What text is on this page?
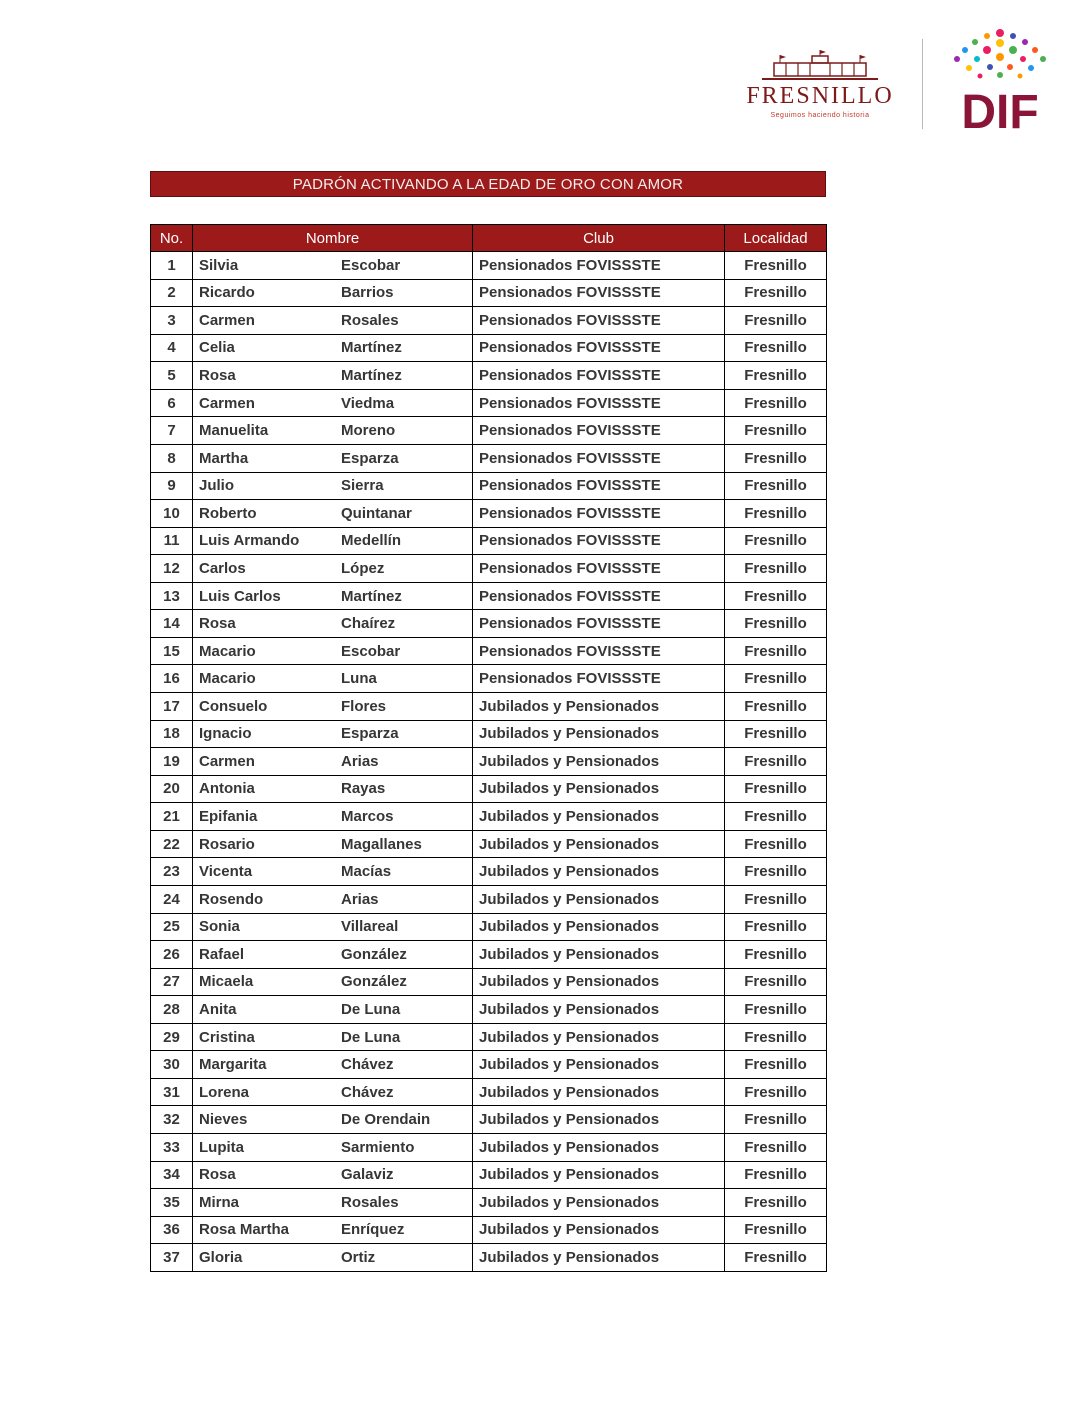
FRESNILLO
Seguimos haciendo historia	DIF
PADRÓN ACTIVANDO A LA EDAD DE ORO CON AMOR
No.	Nombre	Club	Localidad
1	Silvia Escobar	Pensionados FOVISSSTE	Fresnillo
2	Ricardo Barrios	Pensionados FOVISSSTE	Fresnillo
3	Carmen Rosales	Pensionados FOVISSSTE	Fresnillo
4	Celia Martínez	Pensionados FOVISSSTE	Fresnillo
5	Rosa Martínez	Pensionados FOVISSSTE	Fresnillo
6	Carmen Viedma	Pensionados FOVISSSTE	Fresnillo
7	Manuelita Moreno	Pensionados FOVISSSTE	Fresnillo
8	Martha Esparza	Pensionados FOVISSSTE	Fresnillo
9	Julio Sierra	Pensionados FOVISSSTE	Fresnillo
10	Roberto Quintanar	Pensionados FOVISSSTE	Fresnillo
11	Luis Armando Medellín	Pensionados FOVISSSTE	Fresnillo
12	Carlos López	Pensionados FOVISSSTE	Fresnillo
13	Luis Carlos Martínez	Pensionados FOVISSSTE	Fresnillo
14	Rosa Chaírez	Pensionados FOVISSSTE	Fresnillo
15	Macario Escobar	Pensionados FOVISSSTE	Fresnillo
16	Macario Luna	Pensionados FOVISSSTE	Fresnillo
17	Consuelo Flores	Jubilados y Pensionados	Fresnillo
18	Ignacio Esparza	Jubilados y Pensionados	Fresnillo
19	Carmen Arias	Jubilados y Pensionados	Fresnillo
20	Antonia Rayas	Jubilados y Pensionados	Fresnillo
21	Epifania Marcos	Jubilados y Pensionados	Fresnillo
22	Rosario Magallanes	Jubilados y Pensionados	Fresnillo
23	Vicenta Macías	Jubilados y Pensionados	Fresnillo
24	Rosendo Arias	Jubilados y Pensionados	Fresnillo
25	Sonia Villareal	Jubilados y Pensionados	Fresnillo
26	Rafael González	Jubilados y Pensionados	Fresnillo
27	Micaela González	Jubilados y Pensionados	Fresnillo
28	Anita De Luna	Jubilados y Pensionados	Fresnillo
29	Cristina De Luna	Jubilados y Pensionados	Fresnillo
30	Margarita Chávez	Jubilados y Pensionados	Fresnillo
31	Lorena Chávez	Jubilados y Pensionados	Fresnillo
32	Nieves De Orendain	Jubilados y Pensionados	Fresnillo
33	Lupita Sarmiento	Jubilados y Pensionados	Fresnillo
34	Rosa Galaviz	Jubilados y Pensionados	Fresnillo
35	Mirna Rosales	Jubilados y Pensionados	Fresnillo
36	Rosa Martha Enríquez	Jubilados y Pensionados	Fresnillo
37	Gloria Ortiz	Jubilados y Pensionados	Fresnillo
